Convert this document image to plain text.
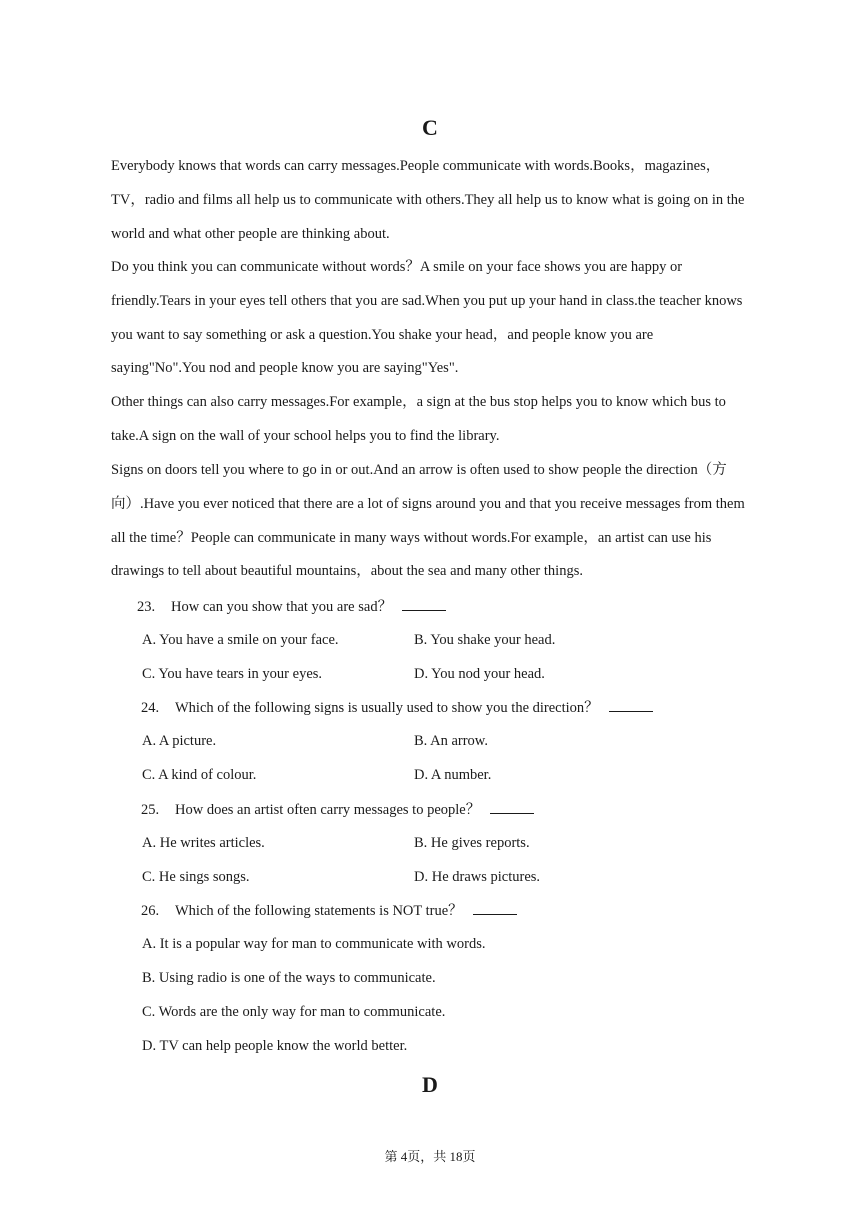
C

Everybody knows that words can carry messages.People communicate with words.Books，magazines，TV，radio and films all help us to communicate with others.They all help us to know what is going on in the world and what other people are thinking about.

Do you think you can communicate without words？A smile on your face shows you are happy or friendly.Tears in your eyes tell others that you are sad.When you put up your hand in class.the teacher knows you want to say something or ask a question.You shake your head，and people know you are saying"No".You nod and people know you are saying"Yes".

Other things can also carry messages.For example，a sign at the bus stop helps you to know which bus to take.A sign on the wall of your school helps you to find the library.

Signs on doors tell you where to go in or out.And an arrow is often used to show people the direction（方向）.Have you ever noticed that there are a lot of signs around you and that you receive messages from them all the time？People can communicate in many ways without words.For example，an artist can use his drawings to tell about beautiful mountains，about the sea and many other things.

23. How can you show that you are sad？
A. You have a smile on your face.	B. You shake your head.
C. You have tears in your eyes.	D. You nod your head.
24. Which of the following signs is usually used to show you the direction？
A. A picture.	B. An arrow.
C. A kind of colour.	D. A number.
25. How does an artist often carry messages to people？
A. He writes articles.	B. He gives reports.
C. He sings songs.	D. He draws pictures.
26. Which of the following statements is NOT true？
A. It is a popular way for man to communicate with words.
B. Using radio is one of the ways to communicate.
C. Words are the only way for man to communicate.
D. TV can help people know the world better.
D
第 4页，共 18页
